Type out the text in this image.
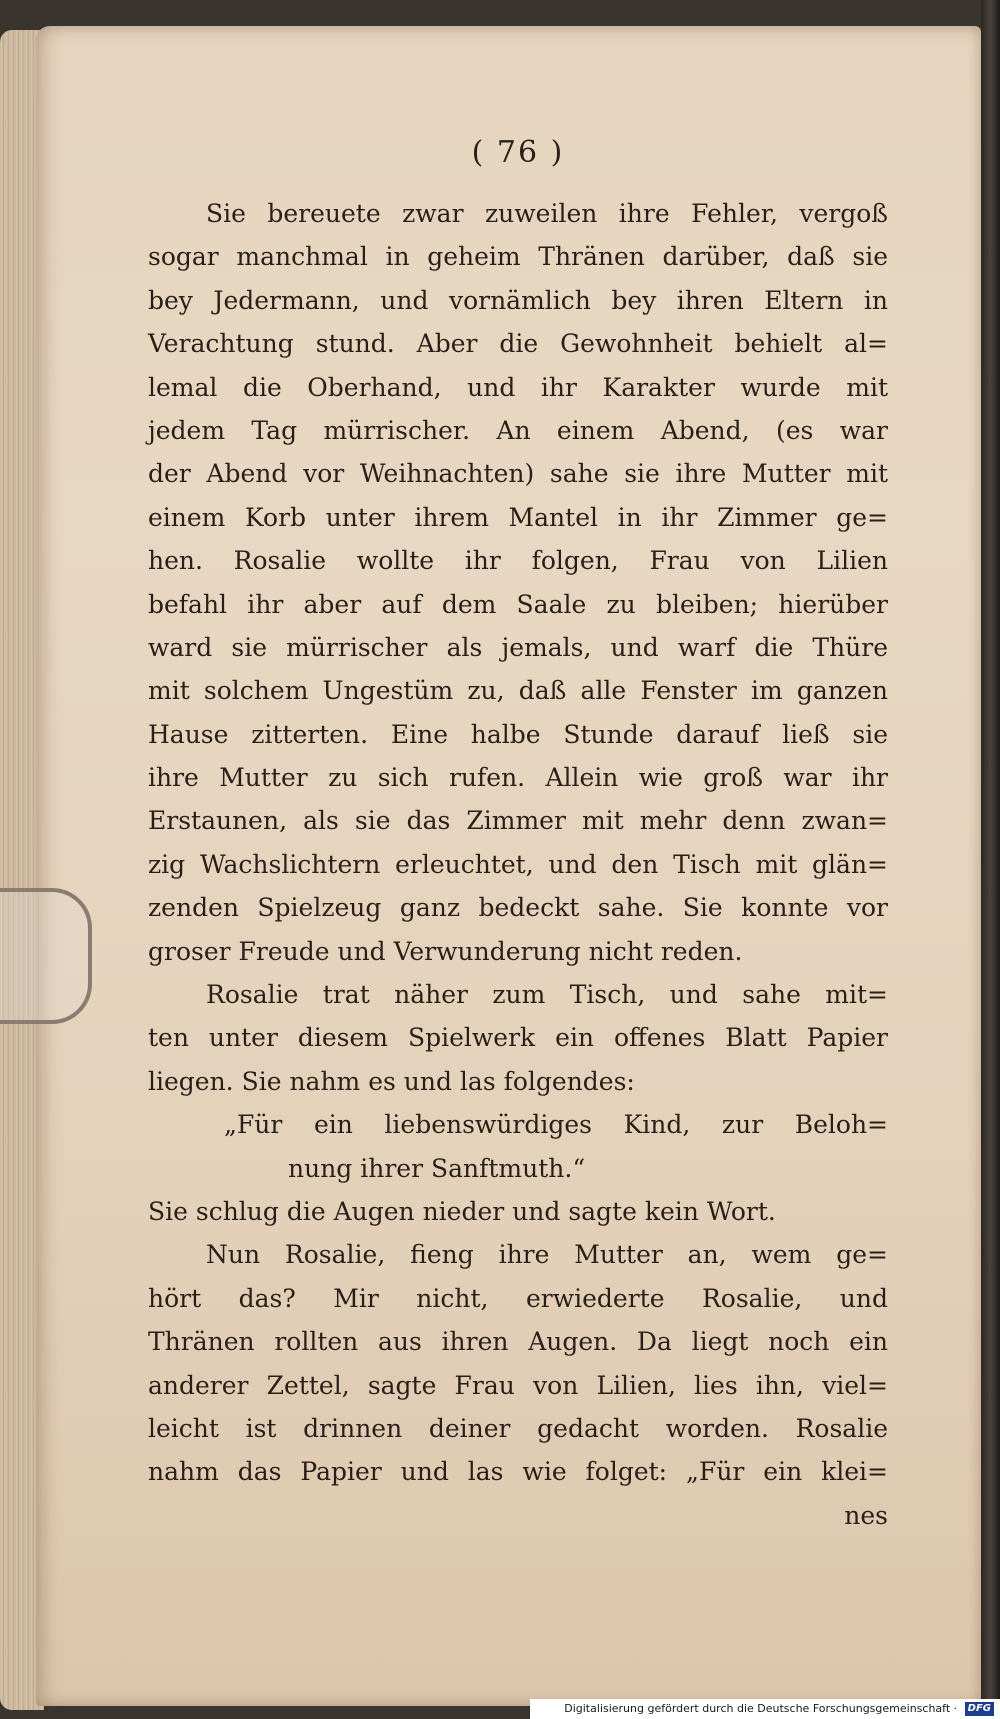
( 76 )
Sie bereuete zwar zuweilen ihre Fehler, vergoß
sogar manchmal in geheim Thränen darüber, daß sie
bey Jedermann, und vornämlich bey ihren Eltern in
Verachtung stund. Aber die Gewohnheit behielt al=
lemal die Oberhand, und ihr Karakter wurde mit
jedem Tag mürrischer. An einem Abend, (es war
der Abend vor Weihnachten) sahe sie ihre Mutter mit
einem Korb unter ihrem Mantel in ihr Zimmer ge=
hen. Rosalie wollte ihr folgen, Frau von Lilien
befahl ihr aber auf dem Saale zu bleiben; hierüber
ward sie mürrischer als jemals, und warf die Thüre
mit solchem Ungestüm zu, daß alle Fenster im ganzen
Hause zitterten. Eine halbe Stunde darauf ließ sie
ihre Mutter zu sich rufen. Allein wie groß war ihr
Erstaunen, als sie das Zimmer mit mehr denn zwan=
zig Wachslichtern erleuchtet, und den Tisch mit glän=
zenden Spielzeug ganz bedeckt sahe. Sie konnte vor
groser Freude und Verwunderung nicht reden.
Rosalie trat näher zum Tisch, und sahe mit=
ten unter diesem Spielwerk ein offenes Blatt Papier
liegen. Sie nahm es und las folgendes:
„Für ein liebenswürdiges Kind, zur Beloh=
nung ihrer Sanftmuth.“
Sie schlug die Augen nieder und sagte kein Wort.
Nun Rosalie, fieng ihre Mutter an, wem ge=
hört das? Mir nicht, erwiederte Rosalie, und
Thränen rollten aus ihren Augen. Da liegt noch ein
anderer Zettel, sagte Frau von Lilien, lies ihn, viel=
leicht ist drinnen deiner gedacht worden. Rosalie
nahm das Papier und las wie folget: „Für ein klei=
nes
Digitalisierung gefördert durch die Deutsche Forschungsgemeinschaft · DFG
